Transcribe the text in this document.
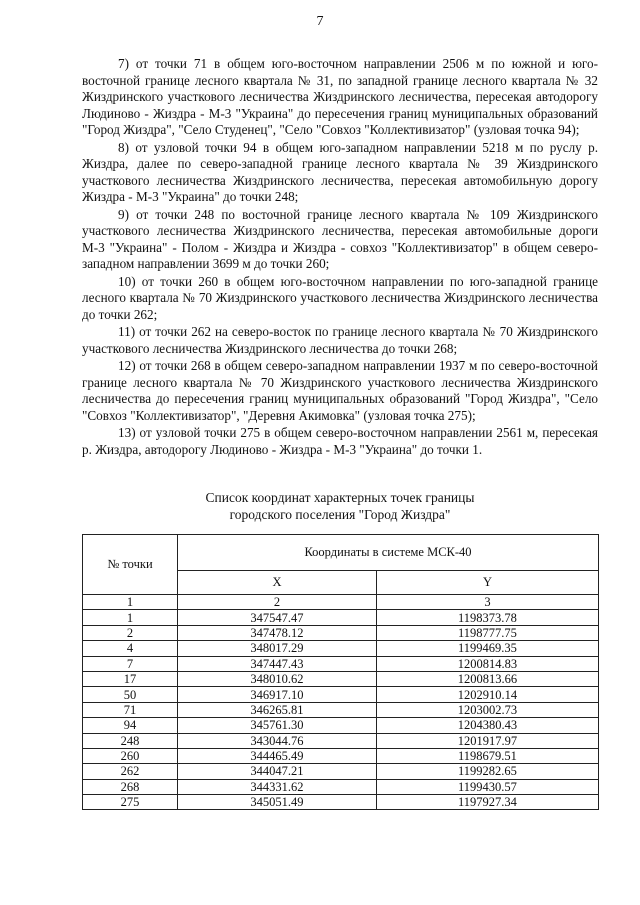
7

7) от точки 71 в общем юго-восточном направлении 2506 м по южной и юго-восточной границе лесного квартала № 31, по западной границе лесного квартала № 32 Жиздринского участкового лесничества Жиздринского лесничества, пересекая автодорогу Людиново - Жиздра - М-3 "Украина" до пересечения границ муниципальных образований "Город Жиздра", "Село Студенец", "Село "Совхоз "Коллективизатор" (узловая точка 94);

8) от узловой точки 94 в общем юго-западном направлении 5218 м по руслу р. Жиздра, далее по северо-западной границе лесного квартала № 39 Жиздринского участкового лесничества Жиздринского лесничества, пересекая автомобильную дорогу Жиздра - М-3 "Украина" до точки 248;

9) от точки 248 по восточной границе лесного квартала № 109 Жиздринского участкового лесничества Жиздринского лесничества, пересекая автомобильные дороги М-3 "Украина" - Полом - Жиздра и Жиздра - совхоз "Коллективизатор" в общем северо-западном направлении 3699 м до точки 260;

10) от точки 260 в общем юго-восточном направлении по юго-западной границе лесного квартала № 70 Жиздринского участкового лесничества Жиздринского лесничества до точки 262;

11) от точки 262 на северо-восток по границе лесного квартала № 70 Жиздринского участкового лесничества Жиздринского лесничества до точки 268;

12) от точки 268 в общем северо-западном направлении 1937 м по северо-восточной границе лесного квартала № 70 Жиздринского участкового лесничества Жиздринского лесничества до пересечения границ муниципальных образований "Город Жиздра", "Село "Совхоз "Коллективизатор", "Деревня Акимовка" (узловая точка 275);

13) от узловой точки 275 в общем северо-восточном направлении 2561 м, пересекая р. Жиздра, автодорогу Людиново - Жиздра - М-3 "Украина" до точки 1.

Список координат характерных точек границы
городского поселения "Город Жиздра"
№ точки	Координаты в системе МСК-40	
	X	Y
1	2	3
1	347547.47	1198373.78
2	347478.12	1198777.75
4	348017.29	1199469.35
7	347447.43	1200814.83
17	348010.62	1200813.66
50	346917.10	1202910.14
71	346265.81	1203002.73
94	345761.30	1204380.43
248	343044.76	1201917.97
260	344465.49	1198679.51
262	344047.21	1199282.65
268	344331.62	1199430.57
275	345051.49	1197927.34
